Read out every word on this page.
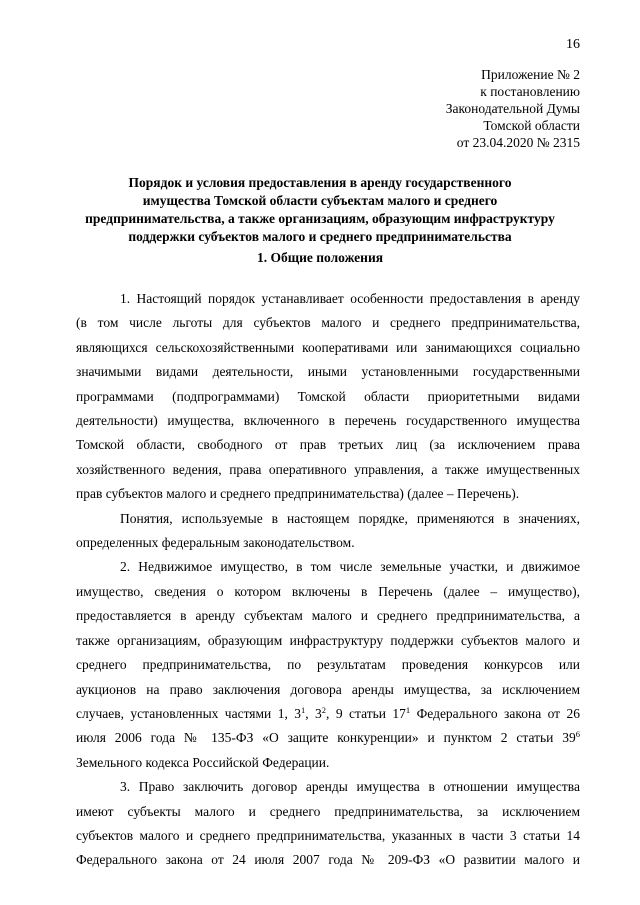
16
Приложение № 2
к постановлению
Законодательной Думы
Томской области
от 23.04.2020 № 2315
Порядок и условия предоставления в аренду государственного
имущества Томской области субъектам малого и среднего
предпринимательства, а также организациям, образующим инфраструктуру
поддержки субъектов малого и среднего предпринимательства
1. Общие положения
1. Настоящий порядок устанавливает особенности предоставления в аренду
(в том числе льготы для субъектов малого и среднего предпринимательства,
являющихся сельскохозяйственными кооперативами или занимающихся социально
значимыми видами деятельности, иными установленными государственными
программами (подпрограммами) Томской области приоритетными видами
деятельности) имущества, включенного в перечень государственного имущества
Томской области, свободного от прав третьих лиц (за исключением права
хозяйственного ведения, права оперативного управления, а также имущественных
прав субъектов малого и среднего предпринимательства) (далее – Перечень).
Понятия, используемые в настоящем порядке, применяются в значениях,
определенных федеральным законодательством.
2. Недвижимое имущество, в том числе земельные участки, и движимое
имущество, сведения о котором включены в Перечень (далее – имущество),
предоставляется в аренду субъектам малого и среднего предпринимательства, а
также организациям, образующим инфраструктуру поддержки субъектов малого и
среднего предпринимательства, по результатам проведения конкурсов или
аукционов на право заключения договора аренды имущества, за исключением
случаев, установленных частями 1, $3^1$, $3^2$, 9 статьи $17^1$ Федерального закона от 26
июля 2006 года № 135-ФЗ «О защите конкуренции» и пунктом 2 статьи $39^6$
Земельного кодекса Российской Федерации.
3. Право заключить договор аренды имущества в отношении имущества
имеют субъекты малого и среднего предпринимательства, за исключением
субъектов малого и среднего предпринимательства, указанных в части 3 статьи 14
Федерального закона от 24 июля 2007 года № 209-ФЗ «О развитии малого и
